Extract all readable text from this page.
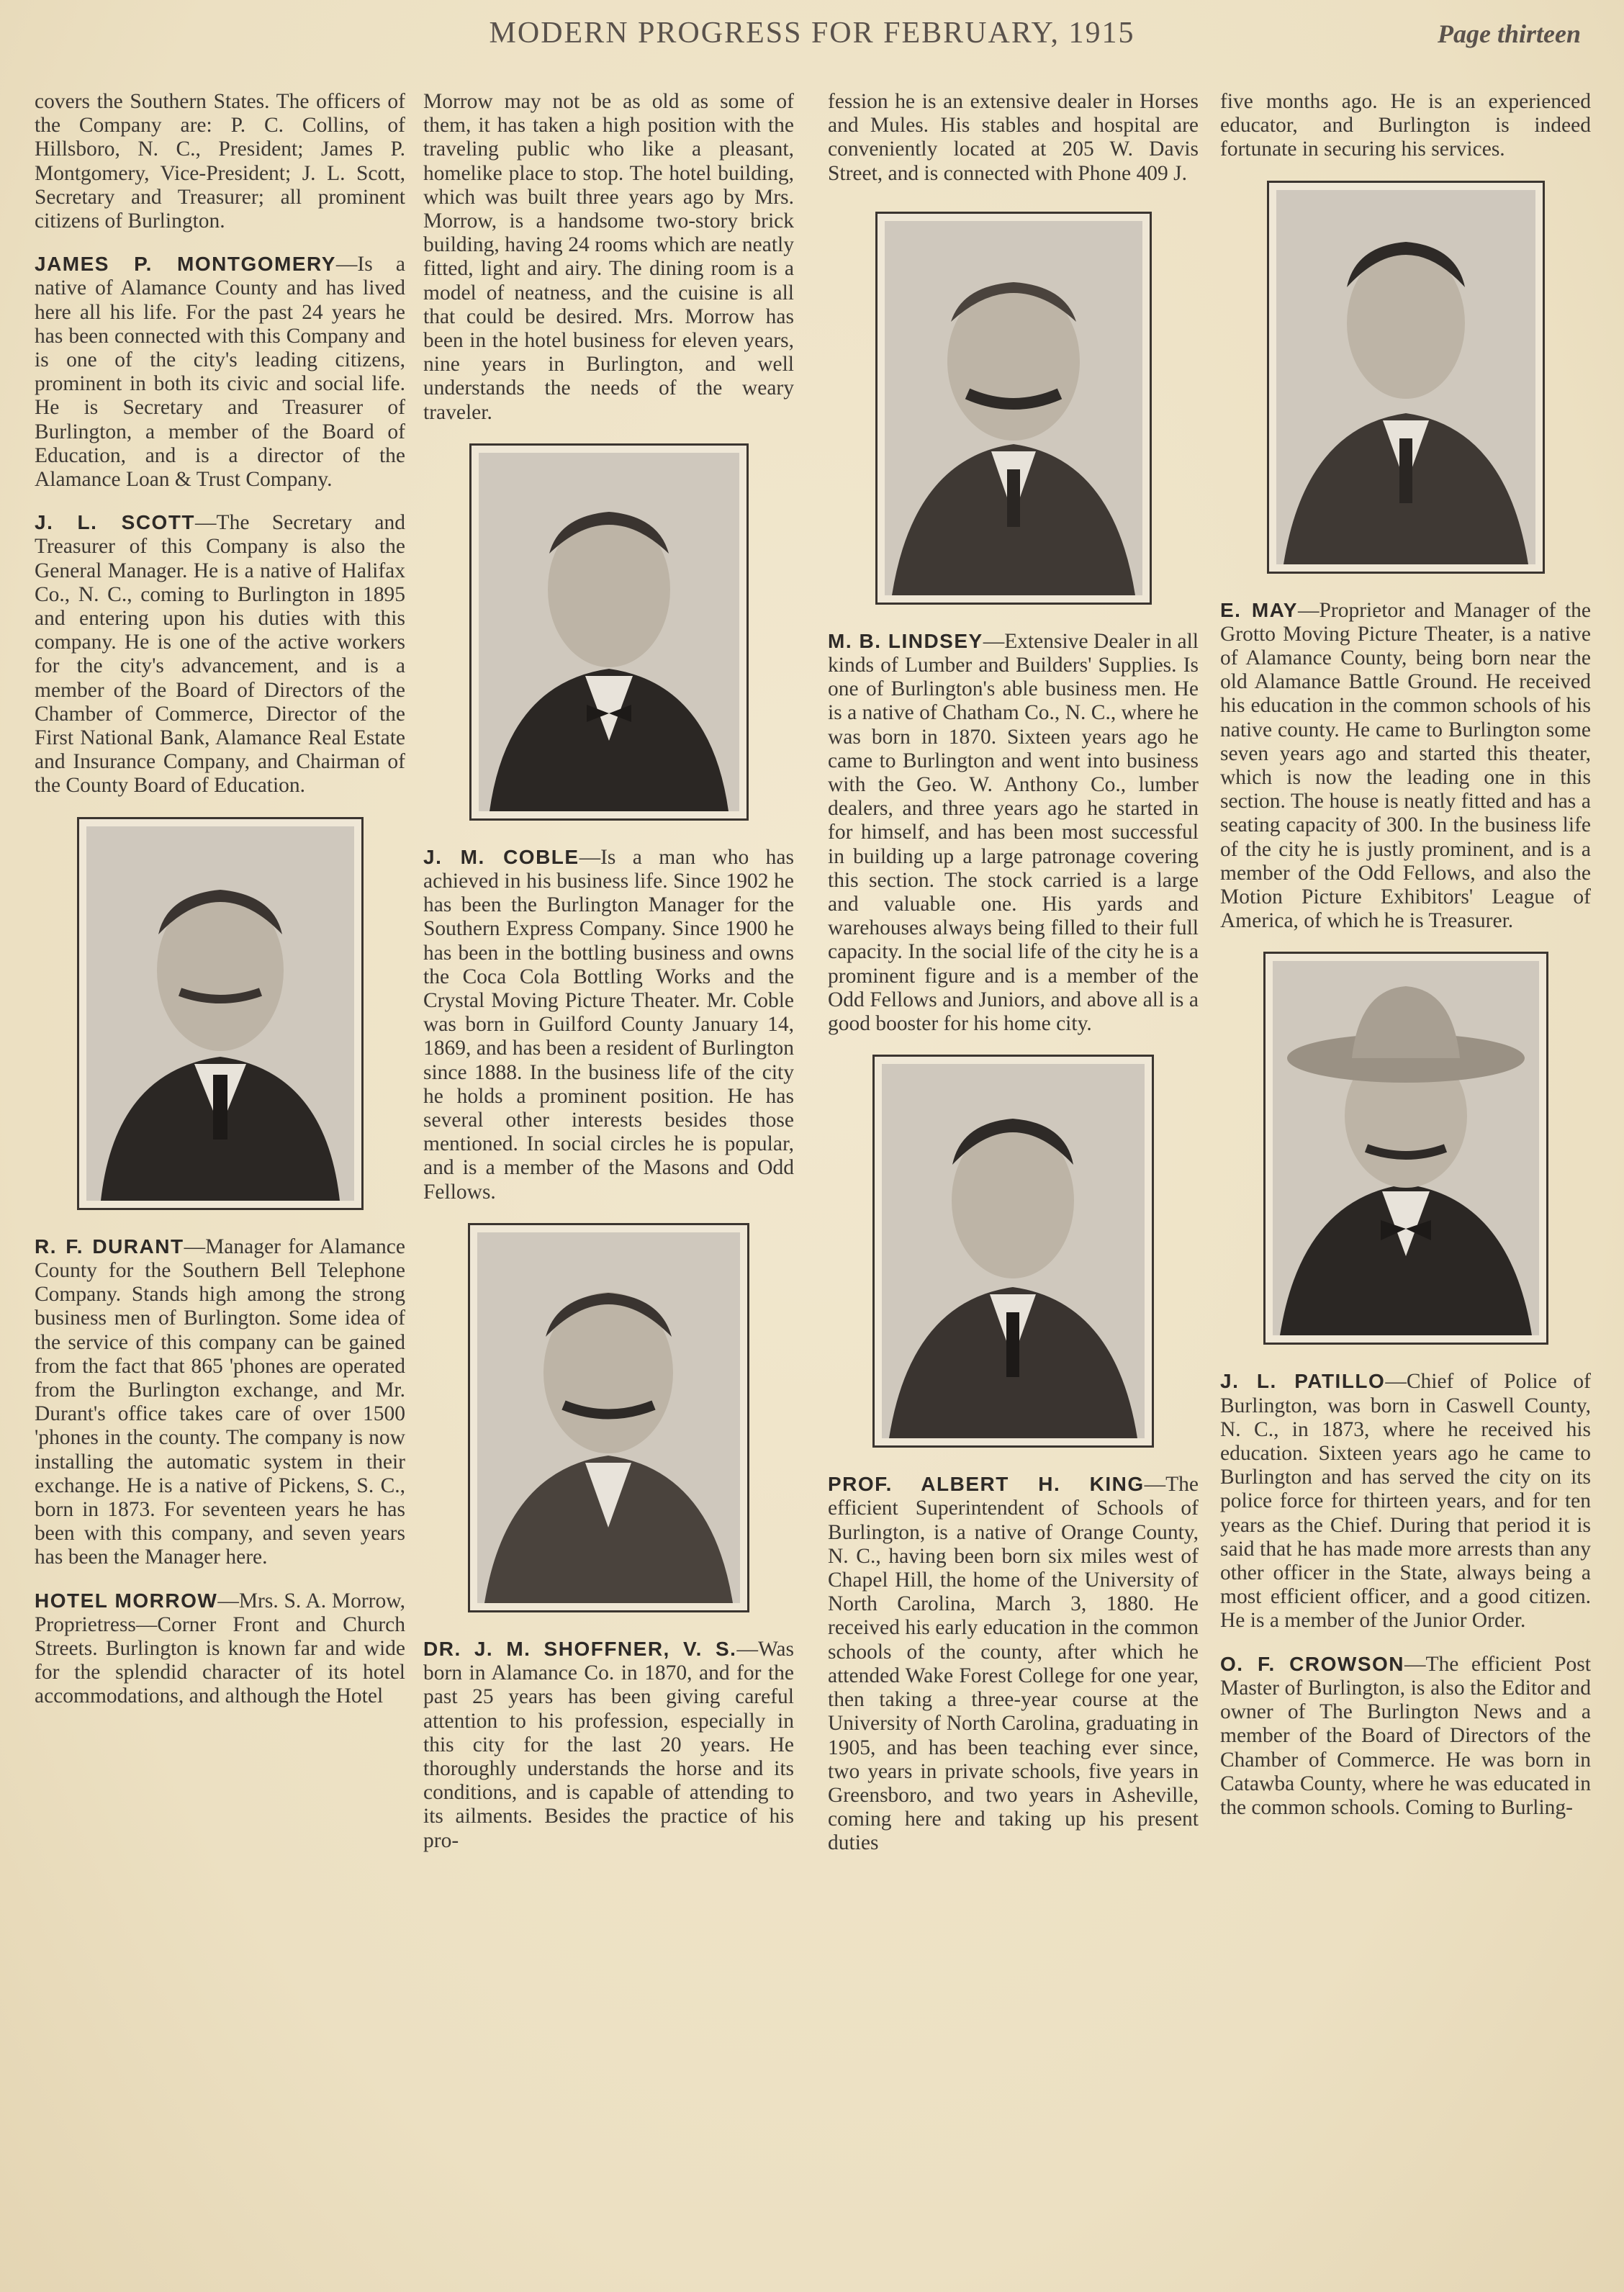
MODERN PROGRESS FOR FEBRUARY, 1915	Page thirteen

covers the Southern States. The officers of the Company are: P. C. Collins, of Hillsboro, N. C., President; James P. Montgomery, Vice-President; J. L. Scott, Secretary and Treasurer; all prominent citizens of Burlington.

JAMES P. MONTGOMERY—Is a native of Alamance County and has lived here all his life. For the past 24 years he has been connected with this Company and is one of the city's leading citizens, prominent in both its civic and social life. He is Secretary and Treasurer of Burlington, a member of the Board of Education, and is a director of the Alamance Loan & Trust Company.

J. L. SCOTT—The Secretary and Treasurer of this Company is also the General Manager. He is a native of Halifax Co., N. C., coming to Burlington in 1895 and entering upon his duties with this company. He is one of the active workers for the city's advancement, and is a member of the Board of Directors of the Chamber of Commerce, Director of the First National Bank, Alamance Real Estate and Insurance Company, and Chairman of the County Board of Education.

R. F. DURANT—Manager for Alamance County for the Southern Bell Telephone Company. Stands high among the strong business men of Burlington. Some idea of the service of this company can be gained from the fact that 865 'phones are operated from the Burlington exchange, and Mr. Durant's office takes care of over 1500 'phones in the county. The company is now installing the automatic system in their exchange. He is a native of Pickens, S. C., born in 1873. For seventeen years he has been with this company, and seven years has been the Manager here.

HOTEL MORROW—Mrs. S. A. Morrow, Proprietress—Corner Front and Church Streets. Burlington is known far and wide for the splendid character of its hotel accommodations, and although the Hotel

Morrow may not be as old as some of them, it has taken a high position with the traveling public who like a pleasant, homelike place to stop. The hotel building, which was built three years ago by Mrs. Morrow, is a handsome two-story brick building, having 24 rooms which are neatly fitted, light and airy. The dining room is a model of neatness, and the cuisine is all that could be desired. Mrs. Morrow has been in the hotel business for eleven years, nine years in Burlington, and well understands the needs of the weary traveler.

J. M. COBLE—Is a man who has achieved in his business life. Since 1902 he has been the Burlington Manager for the Southern Express Company. Since 1900 he has been in the bottling business and owns the Coca Cola Bottling Works and the Crystal Moving Picture Theater. Mr. Coble was born in Guilford County January 14, 1869, and has been a resident of Burlington since 1888. In the business life of the city he holds a prominent position. He has several other interests besides those mentioned. In social circles he is popular, and is a member of the Masons and Odd Fellows.

DR. J. M. SHOFFNER, V. S.—Was born in Alamance Co. in 1870, and for the past 25 years has been giving careful attention to his profession, especially in this city for the last 20 years. He thoroughly understands the horse and its conditions, and is capable of attending to its ailments. Besides the practice of his pro-

fession he is an extensive dealer in Horses and Mules. His stables and hospital are conveniently located at 205 W. Davis Street, and is connected with Phone 409 J.

M. B. LINDSEY—Extensive Dealer in all kinds of Lumber and Builders' Supplies. Is one of Burlington's able business men. He is a native of Chatham Co., N. C., where he was born in 1870. Sixteen years ago he came to Burlington and went into business with the Geo. W. Anthony Co., lumber dealers, and three years ago he started in for himself, and has been most successful in building up a large patronage covering this section. The stock carried is a large and valuable one. His yards and warehouses always being filled to their full capacity. In the social life of the city he is a prominent figure and is a member of the Odd Fellows and Juniors, and above all is a good booster for his home city.

PROF. ALBERT H. KING—The efficient Superintendent of Schools of Burlington, is a native of Orange County, N. C., having been born six miles west of Chapel Hill, the home of the University of North Carolina, March 3, 1880. He received his early education in the common schools of the county, after which he attended Wake Forest College for one year, then taking a three-year course at the University of North Carolina, graduating in 1905, and has been teaching ever since, two years in private schools, five years in Greensboro, and two years in Asheville, coming here and taking up his present duties

five months ago. He is an experienced educator, and Burlington is indeed fortunate in securing his services.

E. MAY—Proprietor and Manager of the Grotto Moving Picture Theater, is a native of Alamance County, being born near the old Alamance Battle Ground. He received his education in the common schools of his native county. He came to Burlington some seven years ago and started this theater, which is now the leading one in this section. The house is neatly fitted and has a seating capacity of 300. In the business life of the city he is justly prominent, and is a member of the Odd Fellows, and also the Motion Picture Exhibitors' League of America, of which he is Treasurer.

J. L. PATILLO—Chief of Police of Burlington, was born in Caswell County, N. C., in 1873, where he received his education. Sixteen years ago he came to Burlington and has served the city on its police force for thirteen years, and for ten years as the Chief. During that period it is said that he has made more arrests than any other officer in the State, always being a most efficient officer, and a good citizen. He is a member of the Junior Order.

O. F. CROWSON—The efficient Post Master of Burlington, is also the Editor and owner of The Burlington News and a member of the Board of Directors of the Chamber of Commerce. He was born in Catawba County, where he was educated in the common schools. Coming to Burling-
